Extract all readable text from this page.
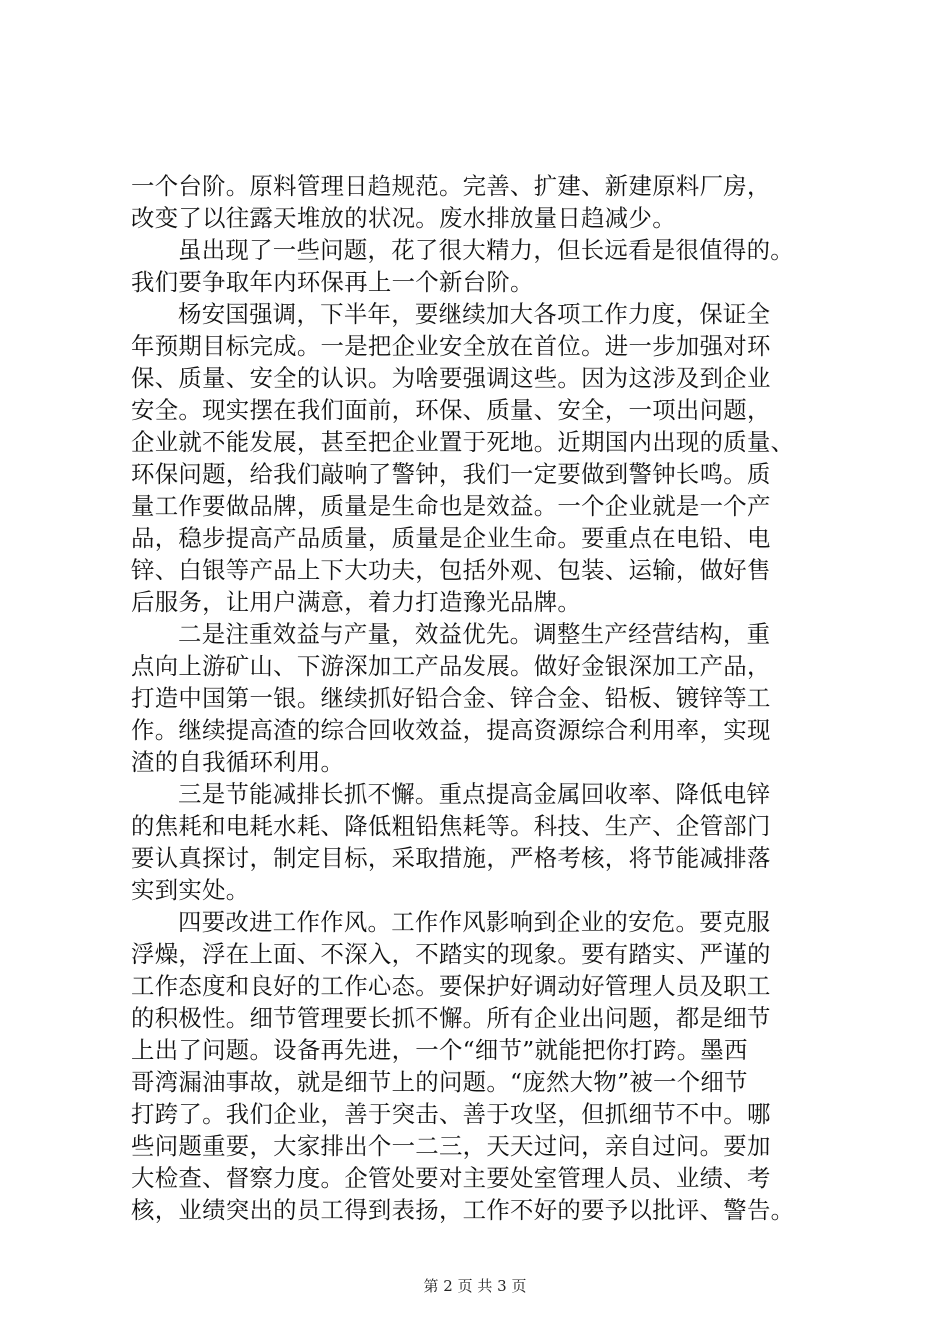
一个台阶。原料管理日趋规范。完善、扩建、新建原料厂房，
改变了以往露天堆放的状况。废水排放量日趋减少。
虽出现了一些问题，花了很大精力，但长远看是很值得的。
我们要争取年内环保再上一个新台阶。
杨安国强调，下半年，要继续加大各项工作力度，保证全
年预期目标完成。一是把企业安全放在首位。进一步加强对环
保、质量、安全的认识。为啥要强调这些。因为这涉及到企业
安全。现实摆在我们面前，环保、质量、安全，一项出问题，
企业就不能发展，甚至把企业置于死地。近期国内出现的质量、
环保问题，给我们敲响了警钟，我们一定要做到警钟长鸣。质
量工作要做品牌，质量是生命也是效益。一个企业就是一个产
品，稳步提高产品质量，质量是企业生命。要重点在电铅、电
锌、白银等产品上下大功夫，包括外观、包装、运输，做好售
后服务，让用户满意，着力打造豫光品牌。
二是注重效益与产量，效益优先。调整生产经营结构，重
点向上游矿山、下游深加工产品发展。做好金银深加工产品，
打造中国第一银。继续抓好铅合金、锌合金、铅板、镀锌等工
作。继续提高渣的综合回收效益，提高资源综合利用率，实现
渣的自我循环利用。
三是节能减排长抓不懈。重点提高金属回收率、降低电锌
的焦耗和电耗水耗、降低粗铅焦耗等。科技、生产、企管部门
要认真探讨，制定目标，采取措施，严格考核，将节能减排落
实到实处。
四要改进工作作风。工作作风影响到企业的安危。要克服
浮燥，浮在上面、不深入，不踏实的现象。要有踏实、严谨的
工作态度和良好的工作心态。要保护好调动好管理人员及职工
的积极性。细节管理要长抓不懈。所有企业出问题，都是细节
上出了问题。设备再先进，一个“细节”就能把你打跨。墨西
哥湾漏油事故，就是细节上的问题。“庞然大物”被一个细节
打跨了。我们企业，善于突击、善于攻坚，但抓细节不中。哪
些问题重要，大家排出个一二三，天天过问，亲自过问。要加
大检查、督察力度。企管处要对主要处室管理人员、业绩、考
核，业绩突出的员工得到表扬，工作不好的要予以批评、警告。
第 2 页 共 3 页
